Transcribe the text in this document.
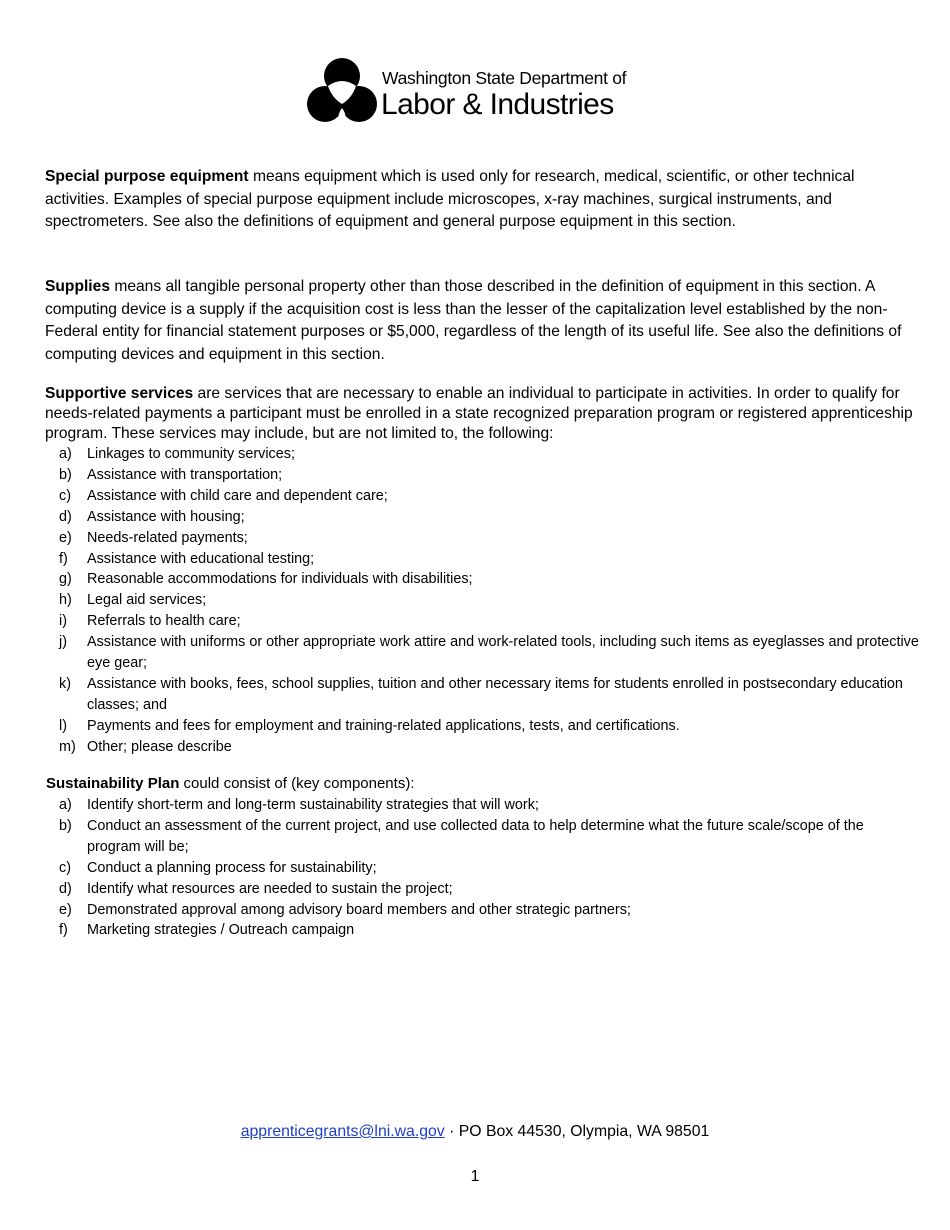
Washington State Department of
Labor & Industries

Special purpose equipment means equipment which is used only for research, medical, scientific, or other technical activities. Examples of special purpose equipment include microscopes, x-ray machines, surgical instruments, and spectrometers. See also the definitions of equipment and general purpose equipment in this section.

Supplies means all tangible personal property other than those described in the definition of equipment in this section. A computing device is a supply if the acquisition cost is less than the lesser of the capitalization level established by the non-Federal entity for financial statement purposes or $5,000, regardless of the length of its useful life. See also the definitions of computing devices and equipment in this section.

Supportive services are services that are necessary to enable an individual to participate in activities. In order to qualify for needs-related payments a participant must be enrolled in a state recognized preparation program or registered apprenticeship program. These services may include, but are not limited to, the following:

a) Linkages to community services;
b) Assistance with transportation;
c) Assistance with child care and dependent care;
d) Assistance with housing;
e) Needs-related payments;
f) Assistance with educational testing;
g) Reasonable accommodations for individuals with disabilities;
h) Legal aid services;
i) Referrals to health care;
j) Assistance with uniforms or other appropriate work attire and work-related tools, including such items as eyeglasses and protective eye gear;
k) Assistance with books, fees, school supplies, tuition and other necessary items for students enrolled in postsecondary education classes; and
l) Payments and fees for employment and training-related applications, tests, and certifications.
m) Other; please describe

Sustainability Plan could consist of (key components):

a) Identify short-term and long-term sustainability strategies that will work;
b) Conduct an assessment of the current project, and use collected data to help determine what the future scale/scope of the program will be;
c) Conduct a planning process for sustainability;
d) Identify what resources are needed to sustain the project;
e) Demonstrated approval among advisory board members and other strategic partners;
f) Marketing strategies / Outreach campaign
apprenticegrants@lni.wa.gov · PO Box 44530, Olympia, WA 98501
1
